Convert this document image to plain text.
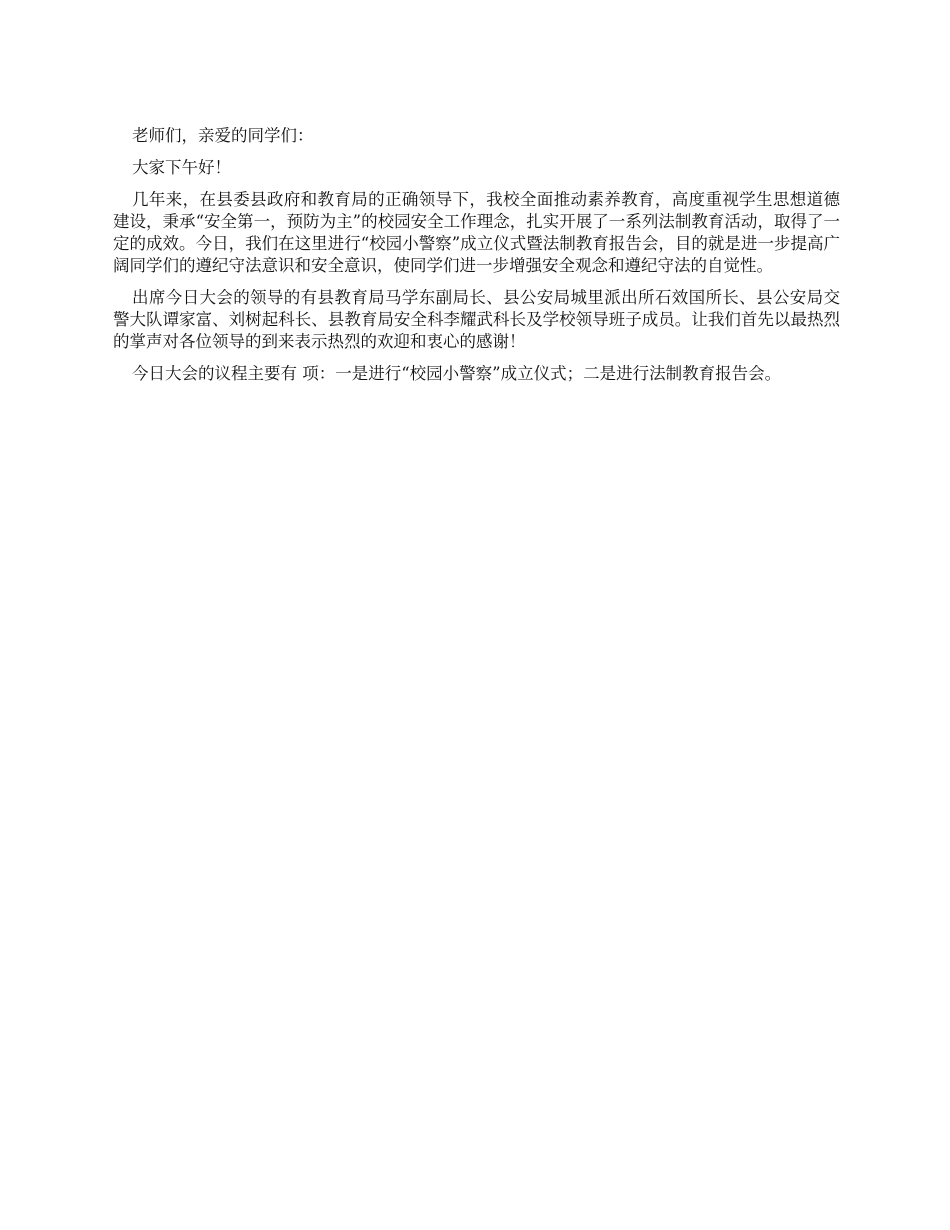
老师们，亲爱的同学们：

大家下午好！

几年来，在县委县政府和教育局的正确领导下，我校全面推动素养教育，高度重视学生思想道德建设，秉承“安全第一，预防为主”的校园安全工作理念，扎实开展了一系列法制教育活动，取得了一定的成效。今日，我们在这里进行“校园小警察”成立仪式暨法制教育报告会，目的就是进一步提高广阔同学们的遵纪守法意识和安全意识，使同学们进一步增强安全观念和遵纪守法的自觉性。

出席今日大会的领导的有县教育局马学东副局长、县公安局城里派出所石效国所长、县公安局交警大队谭家富、刘树起科长、县教育局安全科李耀武科长及学校领导班子成员。让我们首先以最热烈的掌声对各位领导的到来表示热烈的欢迎和衷心的感谢！

今日大会的议程主要有 项：一是进行“校园小警察”成立仪式；二是进行法制教育报告会。
